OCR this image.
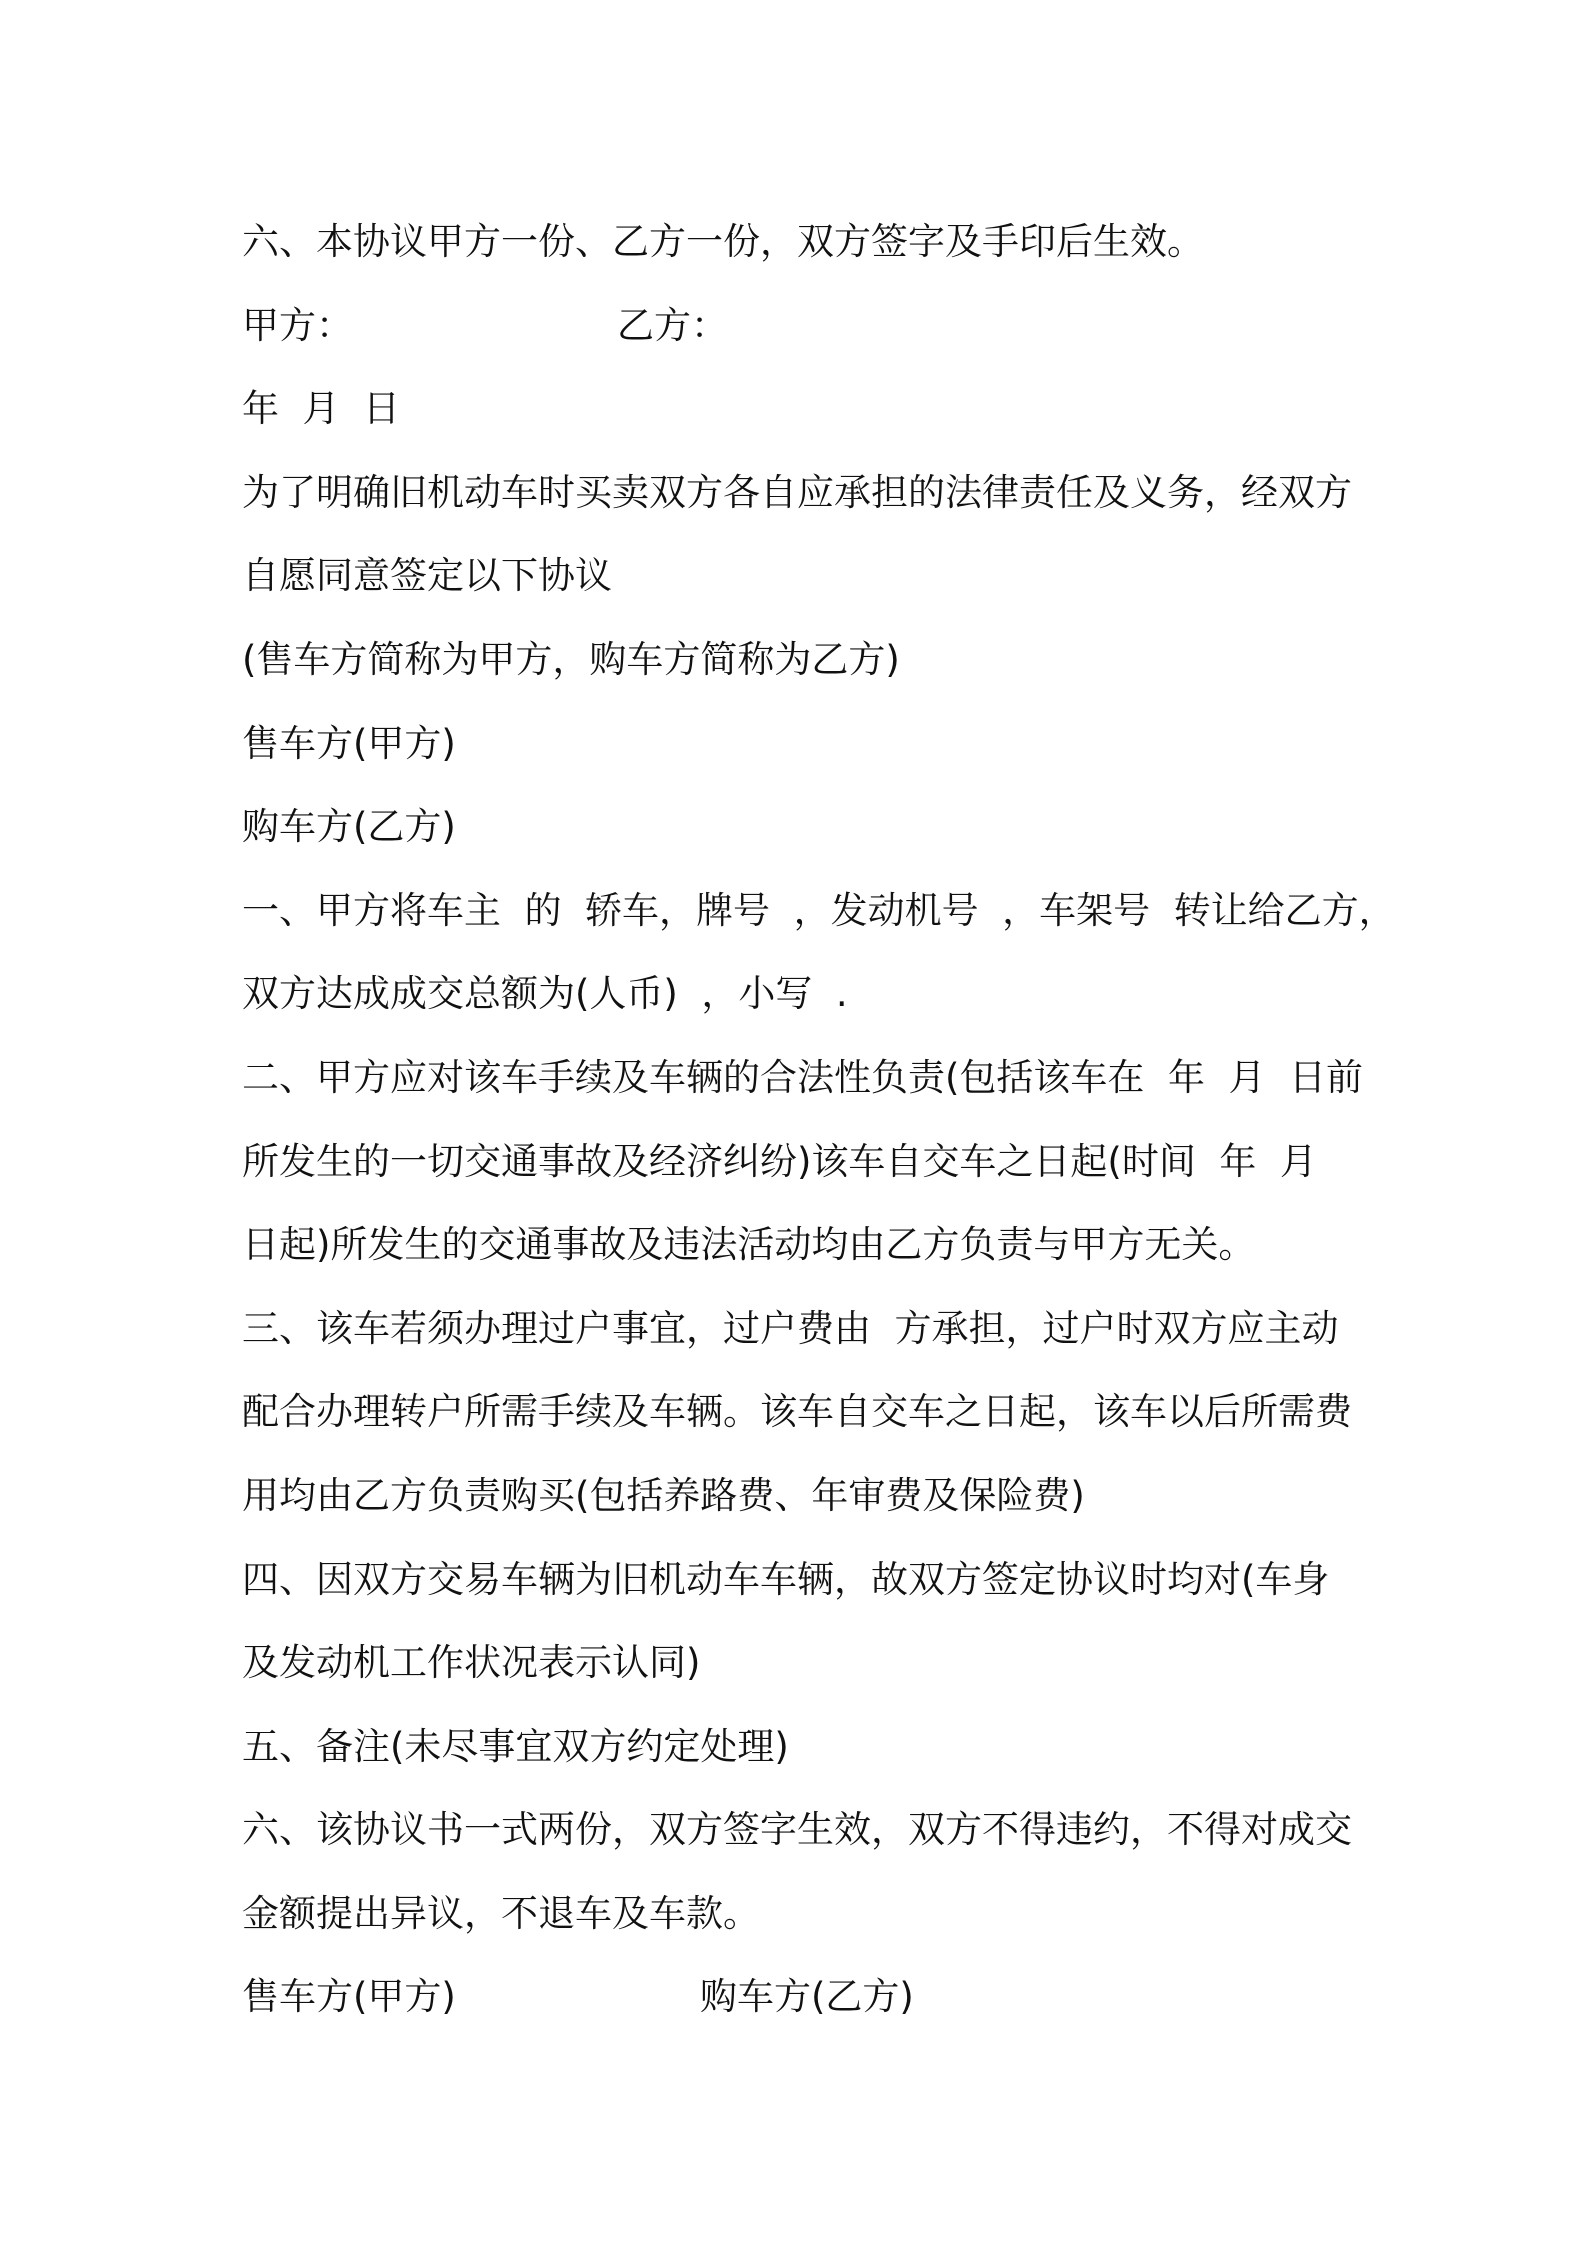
六、本协议甲方一份、乙方一份，双方签字及手印后生效。
甲方：	乙方：
年  月  日
为了明确旧机动车时买卖双方各自应承担的法律责任及义务，经双方
自愿同意签定以下协议
(售车方简称为甲方，购车方简称为乙方)
售车方(甲方)
购车方(乙方)
一、甲方将车主  的  轿车，牌号  ，发动机号  ，车架号  转让给乙方，
双方达成成交总额为(人币)  ，小写  .
二、甲方应对该车手续及车辆的合法性负责(包括该车在  年  月  日前
所发生的一切交通事故及经济纠纷)该车自交车之日起(时间  年  月
日起)所发生的交通事故及违法活动均由乙方负责与甲方无关。
三、该车若须办理过户事宜，过户费由  方承担，过户时双方应主动
配合办理转户所需手续及车辆。该车自交车之日起，该车以后所需费
用均由乙方负责购买(包括养路费、年审费及保险费)
四、因双方交易车辆为旧机动车车辆，故双方签定协议时均对(车身
及发动机工作状况表示认同)
五、备注(未尽事宜双方约定处理)
六、该协议书一式两份，双方签字生效，双方不得违约，不得对成交
金额提出异议，不退车及车款。
售车方(甲方)	购车方(乙方)
